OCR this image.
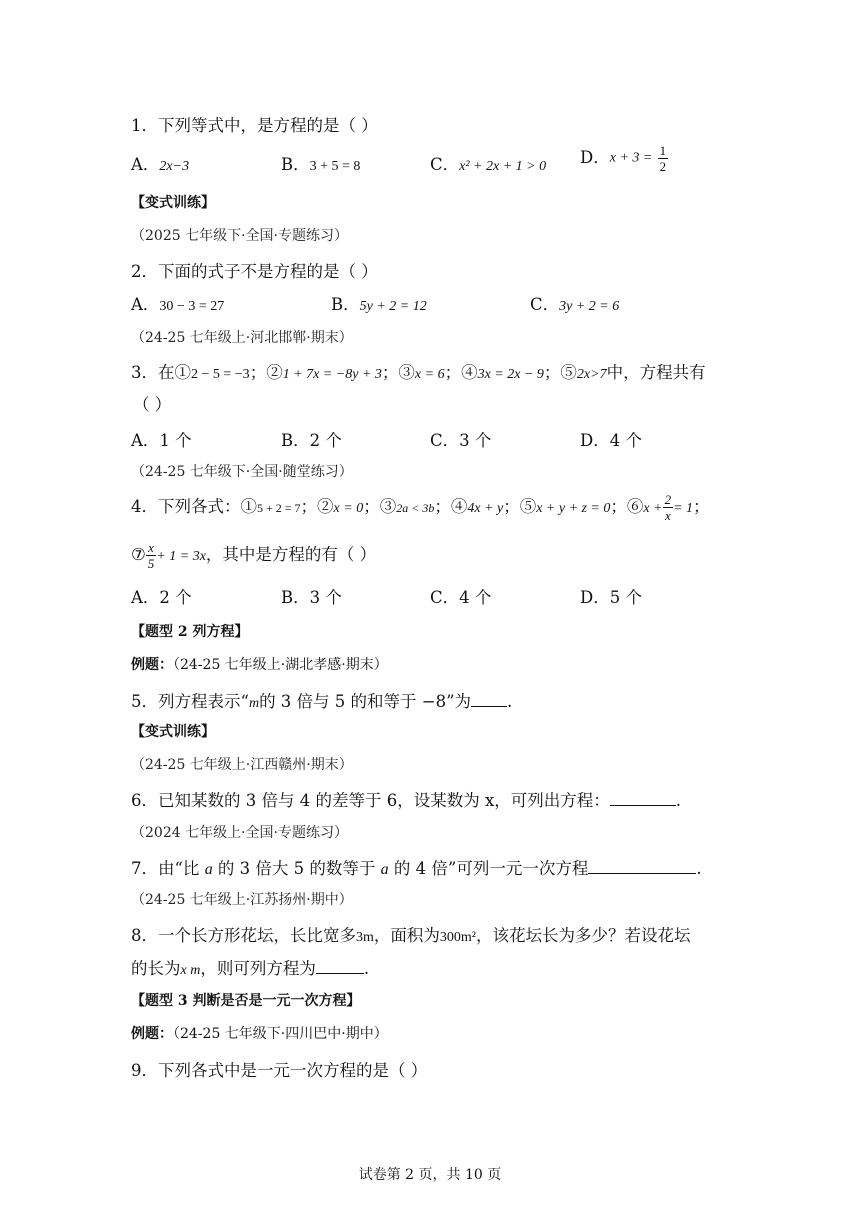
1．下列等式中，是方程的是（ ）
A．2x−3	B．3 + 5 = 8	C．x² + 2x + 1 > 0 D．$x + 3 = \frac{1}{2}$
【变式训练】
（2025 七年级下·全国·专题练习）
2．下面的式子不是方程的是（ ）
A．30 − 3 = 27	B．5y + 2 = 12	C．3y + 2 = 6
（24-25 七年级上·河北邯郸·期末）
3．在①2 − 5 = −3；②1 + 7x = −8y + 3；③x = 6；④3x = 2x − 9；⑤2x>7中，方程共有
（ ）
A．1 个	B．2 个	C．3 个	D．4 个
（24-25 七年级下·全国·随堂练习）
4．下列各式：①5 + 2 = 7；②x = 0；③2a < 3b；④4x + y；⑤x + y + z = 0；⑥x + $\frac{2}{x} = 1$；
⑦ $\frac{x}{5} + 1 = 3x$，其中是方程的有（ ）
A．2 个	B．3 个	C．4 个	D．5 个
【题型 2 列方程】
例题：（24-25 七年级上·湖北孝感·期末）
5．列方程表示“m的 3 倍与 5 的和等于 −8”为 .
【变式训练】
（24-25 七年级上·江西赣州·期末）
6．已知某数的 3 倍与 4 的差等于 6，设某数为 x，可列出方程：	.
（2024 七年级上·全国·专题练习）
7．由“比 a 的 3 倍大 5 的数等于 a 的 4 倍”可列一元一次方程	.
（24-25 七年级上·江苏扬州·期中）
8．一个长方形花坛，长比宽多3m，面积为300m²，该花坛长为多少？若设花坛
的长为x m，则可列方程为	.
【题型 3 判断是否是一元一次方程】
例题：（24-25 七年级下·四川巴中·期中）
9．下列各式中是一元一次方程的是（ ）
试卷第 2 页，共 10 页
